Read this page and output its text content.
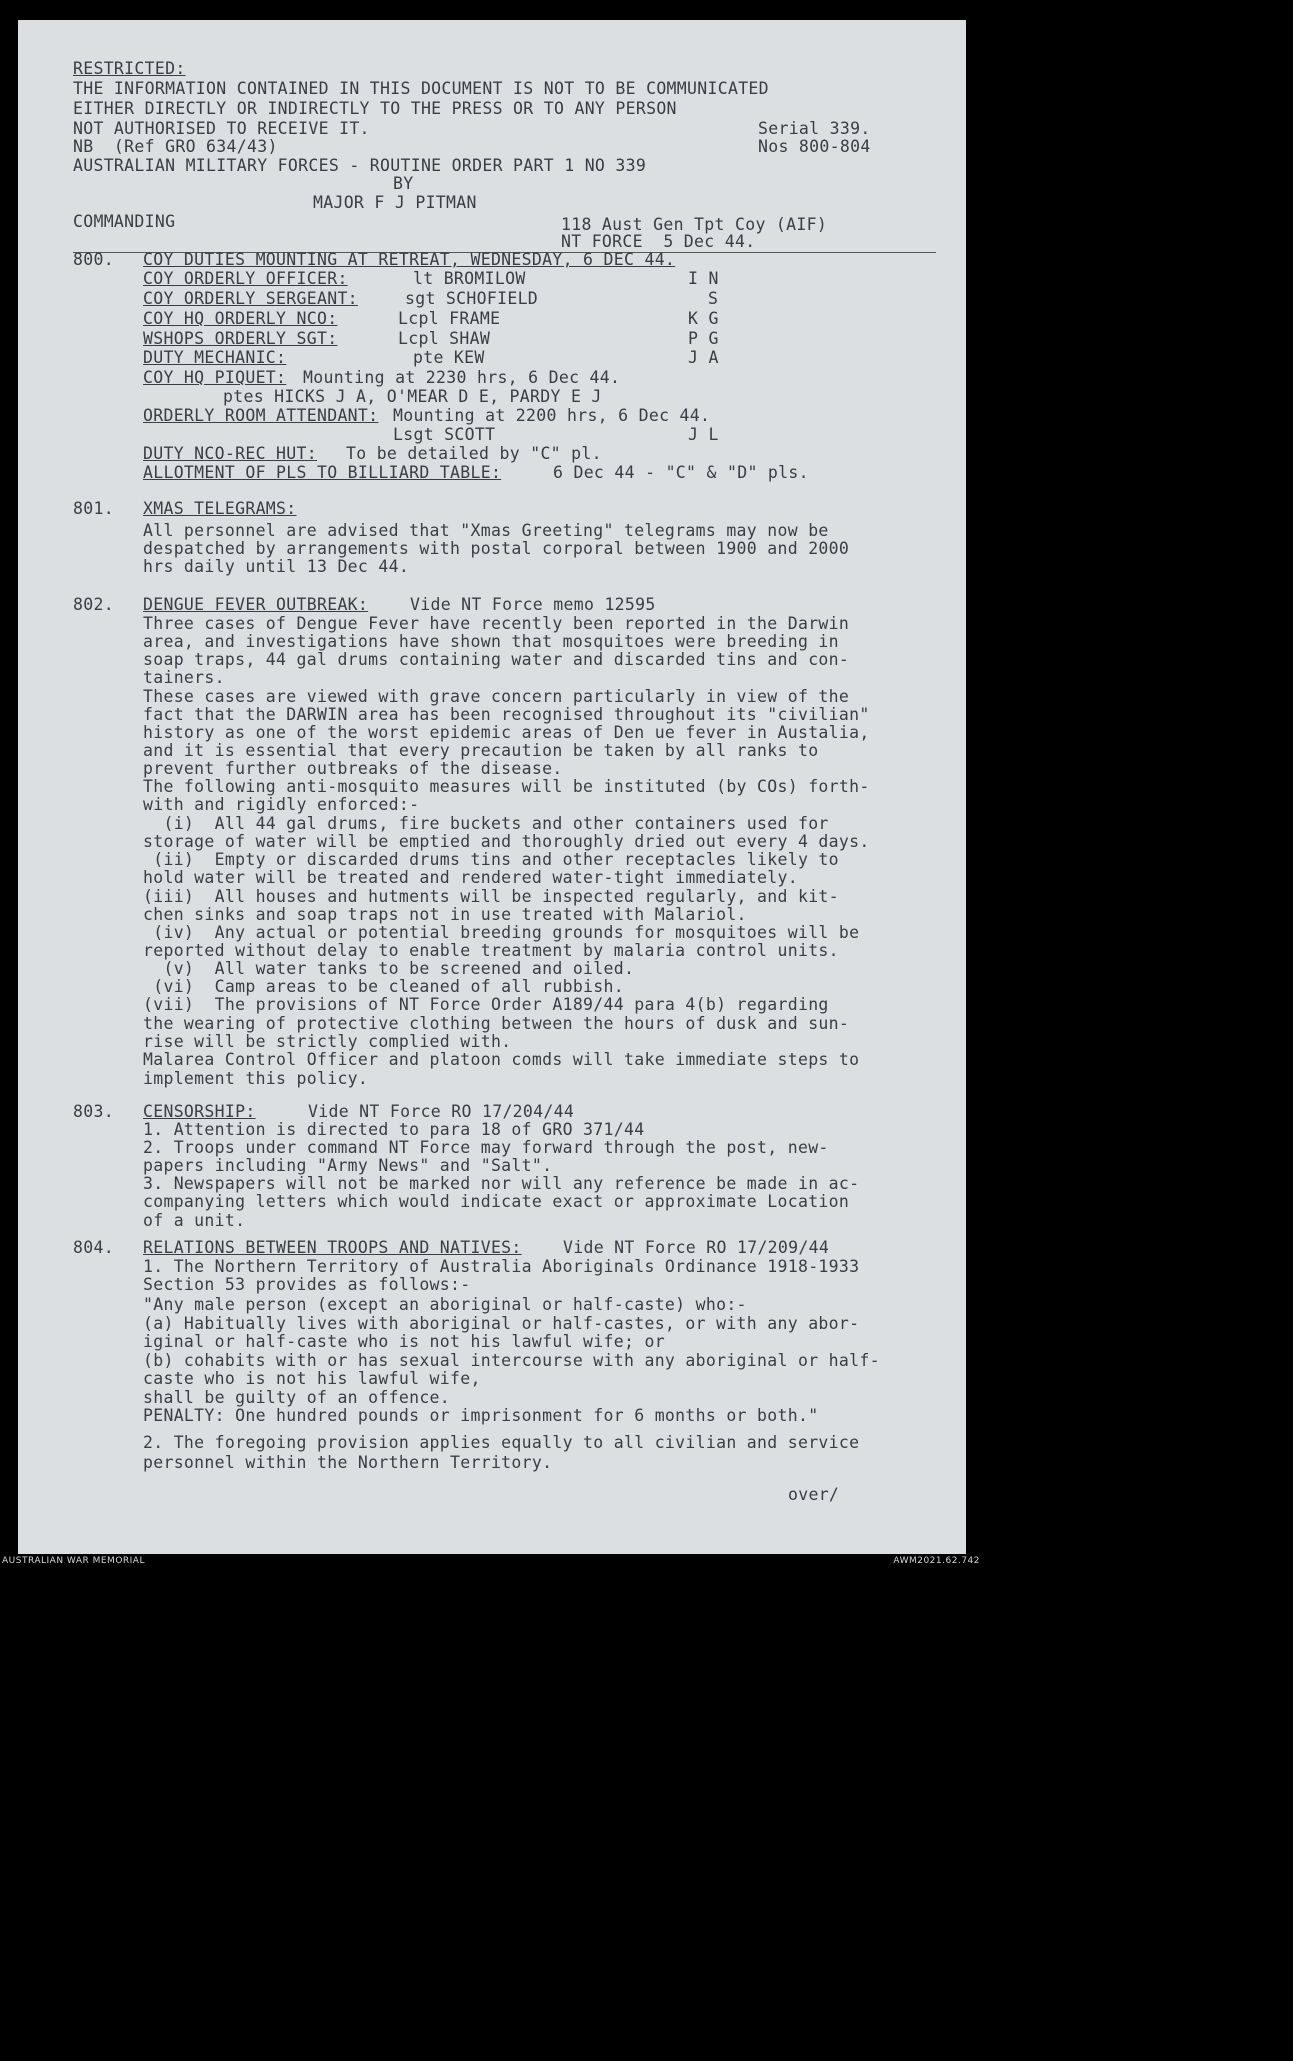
RESTRICTED:
THE INFORMATION CONTAINED IN THIS DOCUMENT IS NOT TO BE COMMUNICATED
EITHER DIRECTLY OR INDIRECTLY TO THE PRESS OR TO ANY PERSON
NOT AUTHORISED TO RECEIVE IT.	Serial 339.
NB  (Ref GRO 634/43)	Nos 800-804
AUSTRALIAN MILITARY FORCES - ROUTINE ORDER PART 1 NO 339
BY
MAJOR F J PITMAN
COMMANDING	118 Aust Gen Tpt Coy (AIF)
NT FORCE  5 Dec 44.
800. COY DUTIES MOUNTING AT RETREAT, WEDNESDAY, 6 DEC 44.
COY ORDERLY OFFICER:	lt BROMILOW	I N
COY ORDERLY SERGEANT:	sgt SCHOFIELD	S
COY HQ ORDERLY NCO:	Lcpl FRAME	K G
WSHOPS ORDERLY SGT:	Lcpl SHAW	P G
DUTY MECHANIC:	pte KEW	J A
COY HQ PIQUET: Mounting at 2230 hrs, 6 Dec 44.
ptes HICKS J A, O'MEAR D E, PARDY E J
ORDERLY ROOM ATTENDANT: Mounting at 2200 hrs, 6 Dec 44.
Lsgt SCOTT	J L
DUTY NCO-REC HUT: To be detailed by "C" pl.
ALLOTMENT OF PLS TO BILLIARD TABLE:	6 Dec 44 - "C" & "D" pls.
801. XMAS TELEGRAMS:
All personnel are advised that "Xmas Greeting" telegrams may now be
despatched by arrangements with postal corporal between 1900 and 2000
hrs daily until 13 Dec 44.
802. DENGUE FEVER OUTBREAK:	Vide NT Force memo 12595
Three cases of Dengue Fever have recently been reported in the Darwin
area, and investigations have shown that mosquitoes were breeding in
soap traps, 44 gal drums containing water and discarded tins and con-
tainers.
These cases are viewed with grave concern particularly in view of the
fact that the DARWIN area has been recognised throughout its "civilian"
history as one of the worst epidemic areas of Den ue fever in Austalia,
and it is essential that every precaution be taken by all ranks to
prevent further outbreaks of the disease.
The following anti-mosquito measures will be instituted (by COs) forth-
with and rigidly enforced:-
(i)  All 44 gal drums, fire buckets and other containers used for
storage of water will be emptied and thoroughly dried out every 4 days.
(ii)  Empty or discarded drums tins and other receptacles likely to
hold water will be treated and rendered water-tight immediately.
(iii)  All houses and hutments will be inspected regularly, and kit-
chen sinks and soap traps not in use treated with Malariol.
(iv)  Any actual or potential breeding grounds for mosquitoes will be
reported without delay to enable treatment by malaria control units.
(v)  All water tanks to be screened and oiled.
(vi)  Camp areas to be cleaned of all rubbish.
(vii)  The provisions of NT Force Order A189/44 para 4(b) regarding
the wearing of protective clothing between the hours of dusk and sun-
rise will be strictly complied with.
Malarea Control Officer and platoon comds will take immediate steps to
implement this policy.
803. CENSORSHIP:	Vide NT Force RO 17/204/44
1. Attention is directed to para 18 of GRO 371/44
2. Troops under command NT Force may forward through the post, new-
papers including "Army News" and "Salt".
3. Newspapers will not be marked nor will any reference be made in ac-
companying letters which would indicate exact or approximate Location
of a unit.
804. RELATIONS BETWEEN TROOPS AND NATIVES:	Vide NT Force RO 17/209/44
1. The Northern Territory of Australia Aboriginals Ordinance 1918-1933
Section 53 provides as follows:-
"Any male person (except an aboriginal or half-caste) who:-
(a) Habitually lives with aboriginal or half-castes, or with any abor-
iginal or half-caste who is not his lawful wife; or
(b) cohabits with or has sexual intercourse with any aboriginal or half-
caste who is not his lawful wife,
shall be guilty of an offence.
PENALTY: One hundred pounds or imprisonment for 6 months or both."
2. The foregoing provision applies equally to all civilian and service
personnel within the Northern Territory.
over/
AUSTRALIAN WAR MEMORIAL	AWM2021.62.742
